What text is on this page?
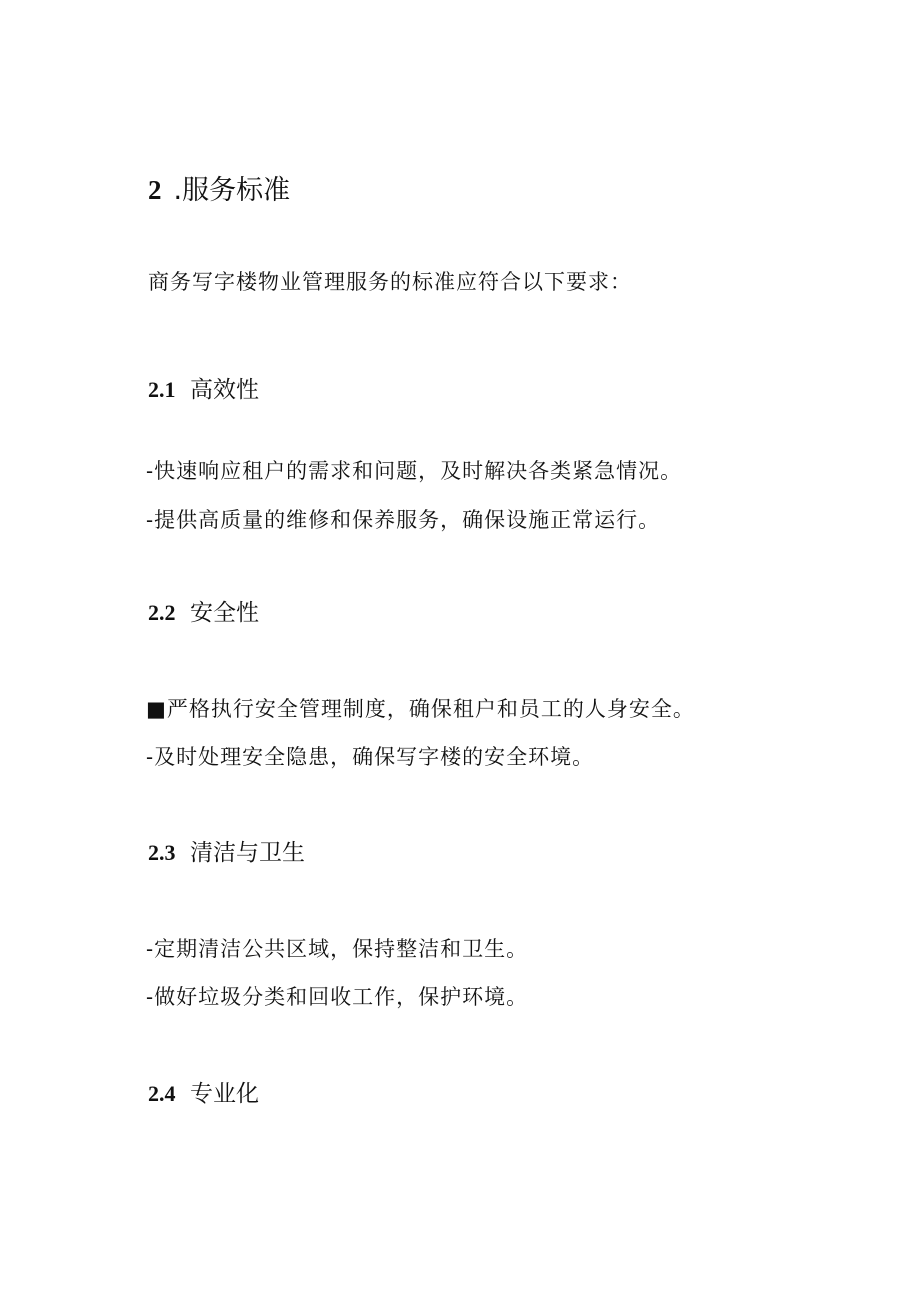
2 .服务标准
商务写字楼物业管理服务的标准应符合以下要求：
2.1 高效性
-快速响应租户的需求和问题，及时解决各类紧急情况。
-提供高质量的维修和保养服务，确保设施正常运行。
2.2 安全性
■严格执行安全管理制度，确保租户和员工的人身安全。
-及时处理安全隐患，确保写字楼的安全环境。
2.3 清洁与卫生
-定期清洁公共区域，保持整洁和卫生。
-做好垃圾分类和回收工作，保护环境。
2.4 专业化
